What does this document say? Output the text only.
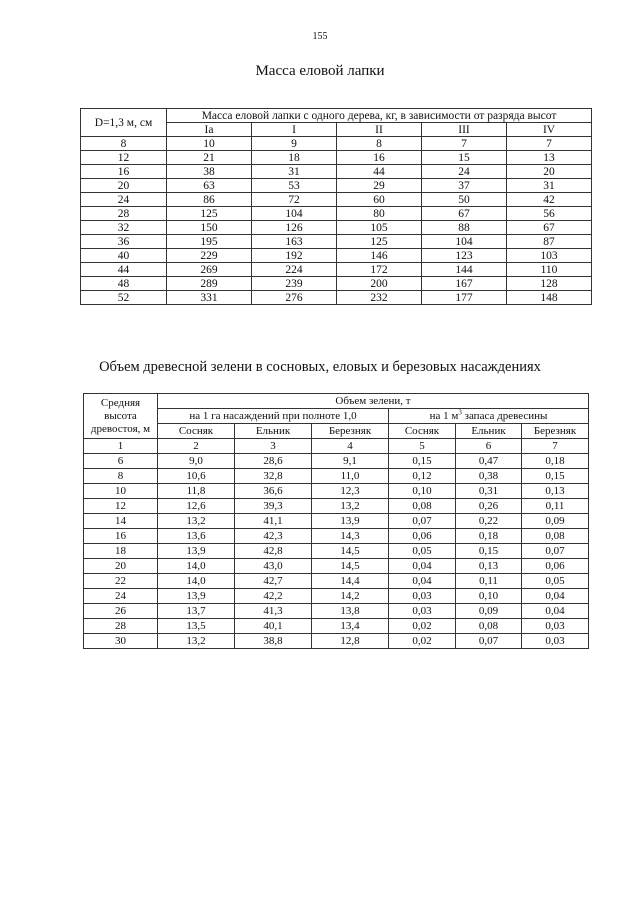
155
Масса еловой лапки
D=1,3 м, см	Масса еловой лапки с одного дерева, кг, в зависимости от разряда высот				
	Iа	I	II	III	IV
8	10	9	8	7	7
12	21	18	16	15	13
16	38	31	44	24	20
20	63	53	29	37	31
24	86	72	60	50	42
28	125	104	80	67	56
32	150	126	105	88	67
36	195	163	125	104	87
40	229	192	146	123	103
44	269	224	172	144	110
48	289	239	200	167	128
52	331	276	232	177	148
Объем древесной зелени в сосновых, еловых и березовых насаждениях
Средняя высота древостоя, м	Объем зелени, т					
	на 1 га насаждений при полноте 1,0			на 1 $м^3$ запаса древесины		
	Сосняк	Ельник	Березняк	Сосняк	Ельник	Березняк
1	2	3	4	5	6	7
6	9,0	28,6	9,1	0,15	0,47	0,18
8	10,6	32,8	11,0	0,12	0,38	0,15
10	11,8	36,6	12,3	0,10	0,31	0,13
12	12,6	39,3	13,2	0,08	0,26	0,11
14	13,2	41,1	13,9	0,07	0,22	0,09
16	13,6	42,3	14,3	0,06	0,18	0,08
18	13,9	42,8	14,5	0,05	0,15	0,07
20	14,0	43,0	14,5	0,04	0,13	0,06
22	14,0	42,7	14,4	0,04	0,11	0,05
24	13,9	42,2	14,2	0,03	0,10	0,04
26	13,7	41,3	13,8	0,03	0,09	0,04
28	13,5	40,1	13,4	0,02	0,08	0,03
30	13,2	38,8	12,8	0,02	0,07	0,03
